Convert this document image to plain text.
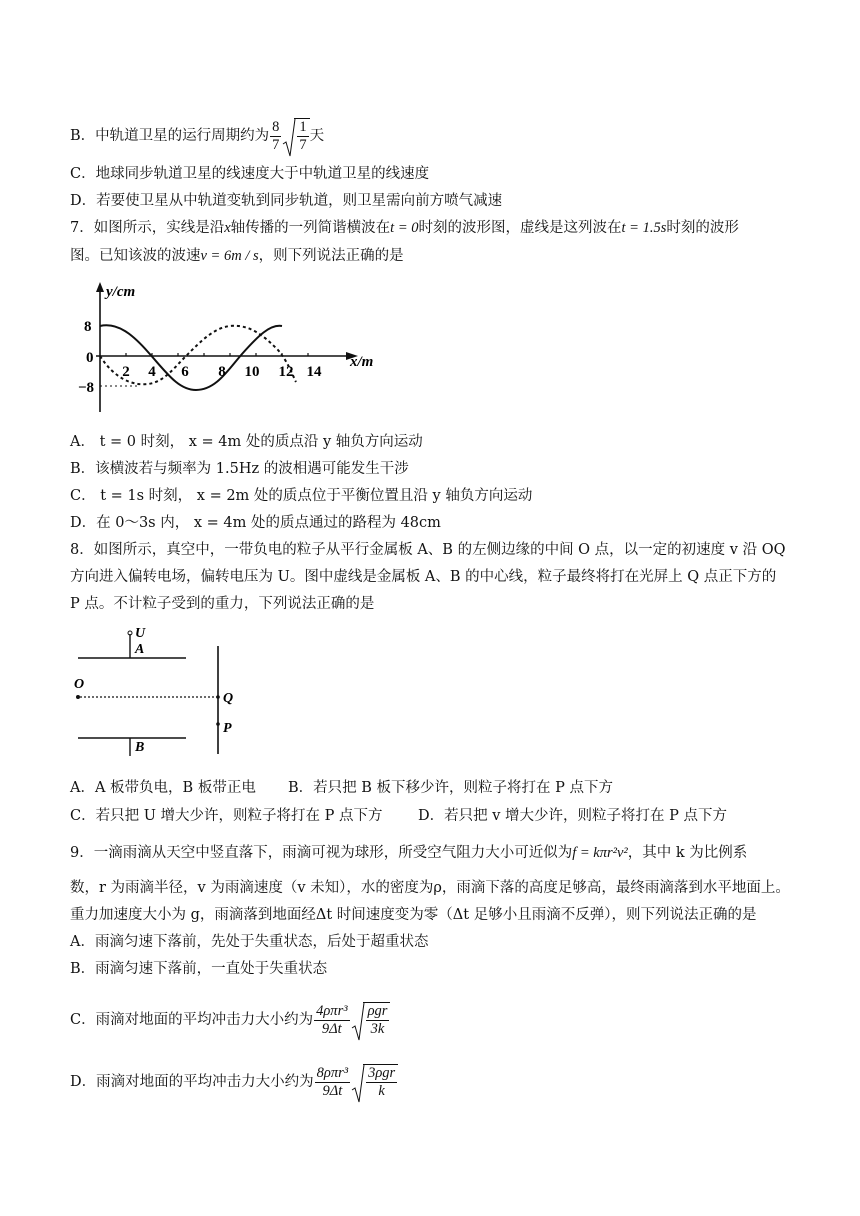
B．中轨道卫星的运行周期约为 $\frac{8}{7} \frac{1}{7}$ 天
C．地球同步轨道卫星的线速度大于中轨道卫星的线速度
D．若要使卫星从中轨道变轨到同步轨道，则卫星需向前方喷气减速
7．如图所示，实线是沿x轴传播的一列简谐横波在t = 0时刻的波形图，虚线是这列波在t = 1.5s时刻的波形
图。已知该波的波速v = 6m / s，则下列说法正确的是
y/cm
x/m
8
0
−8
2 4 6 8 10 12 14
A． t = 0 时刻， x = 4m 处的质点沿 y 轴负方向运动
B．该横波若与频率为 1.5Hz 的波相遇可能发生干涉
C． t = 1s 时刻， x = 2m 处的质点位于平衡位置且沿 y 轴负方向运动
D．在 0～3s 内， x = 4m 处的质点通过的路程为 48cm
8．如图所示，真空中，一带负电的粒子从平行金属板 A、B 的左侧边缘的中间 O 点，以一定的初速度 v 沿 OQ
方向进入偏转电场，偏转电压为 U。图中虚线是金属板 A、B 的中心线，粒子最终将打在光屏上 Q 点正下方的
P 点。不计粒子受到的重力，下列说法正确的是
U
A
O
Q
P
B
A．A 板带负电，B 板带正电 B．若只把 B 板下移少许，则粒子将打在 P 点下方
C．若只把 U 增大少许，则粒子将打在 P 点下方 D．若只把 v 增大少许，则粒子将打在 P 点下方
9．一滴雨滴从天空中竖直落下，雨滴可视为球形，所受空气阻力大小可近似为f = kπr²v²，其中 k 为比例系
数，r 为雨滴半径，v 为雨滴速度（v 未知），水的密度为ρ，雨滴下落的高度足够高，最终雨滴落到水平地面上。
重力加速度大小为 g，雨滴落到地面经Δt 时间速度变为零（Δt 足够小且雨滴不反弹），则下列说法正确的是
A．雨滴匀速下落前，先处于失重状态，后处于超重状态
B．雨滴匀速下落前，一直处于失重状态
C．雨滴对地面的平均冲击力大小约为 $\frac{\text{4ρπr³}}{9\Delta t} \frac{\text{ρgr}}{3k}$
D．雨滴对地面的平均冲击力大小约为 $\frac{\text{8ρπr³}}{9\Delta t} \frac{\text{3ρgr}}{k}$
